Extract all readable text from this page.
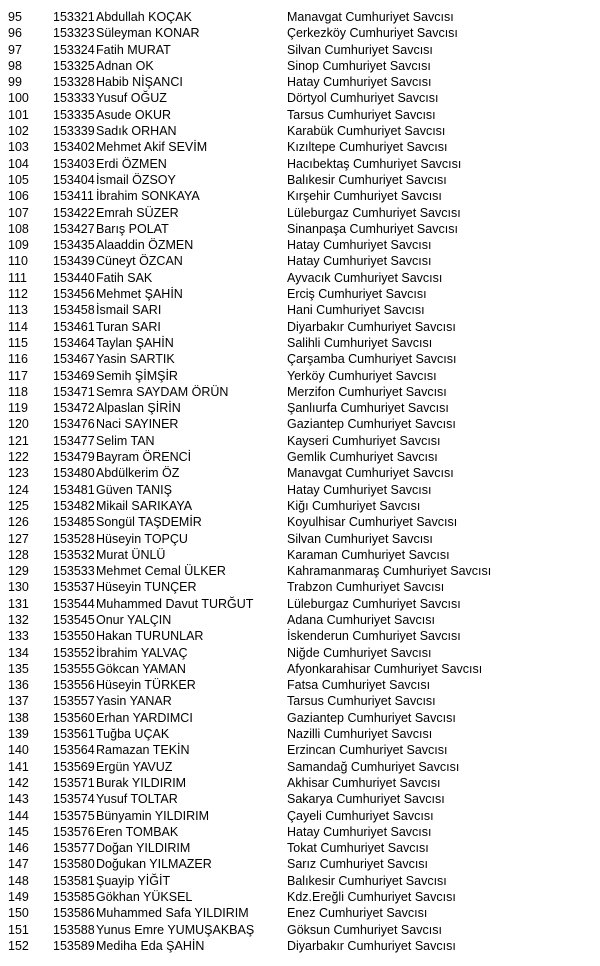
95 153321 Abdullah KOÇAK	Manavgat Cumhuriyet Savcısı
96 153323 Süleyman KONAR	Çerkezköy Cumhuriyet Savcısı
97 153324 Fatih MURAT	Silvan Cumhuriyet Savcısı
98 153325 Adnan OK	Sinop Cumhuriyet Savcısı
99 153328 Habib NİŞANCI	Hatay Cumhuriyet Savcısı
100 153333 Yusuf OĞUZ	Dörtyol Cumhuriyet Savcısı
101 153335 Asude OKUR	Tarsus Cumhuriyet Savcısı
102 153339 Sadık ORHAN	Karabük Cumhuriyet Savcısı
103 153402 Mehmet Akif SEVİM	Kızıltepe Cumhuriyet Savcısı
104 153403 Erdi ÖZMEN	Hacıbektaş Cumhuriyet Savcısı
105 153404 İsmail ÖZSOY	Balıkesir Cumhuriyet Savcısı
106 153411 İbrahim SONKAYA	Kırşehir Cumhuriyet Savcısı
107 153422 Emrah SÜZER	Lüleburgaz Cumhuriyet Savcısı
108 153427 Barış POLAT	Sinanpaşa Cumhuriyet Savcısı
109 153435 Alaaddin ÖZMEN	Hatay Cumhuriyet Savcısı
110 153439 Cüneyt ÖZCAN	Hatay Cumhuriyet Savcısı
111 153440 Fatih SAK	Ayvacık Cumhuriyet Savcısı
112 153456 Mehmet ŞAHİN	Erciş Cumhuriyet Savcısı
113 153458 İsmail SARI	Hani Cumhuriyet Savcısı
114 153461 Turan SARI	Diyarbakır Cumhuriyet Savcısı
115 153464 Taylan ŞAHİN	Salihli Cumhuriyet Savcısı
116 153467 Yasin SARTIK	Çarşamba Cumhuriyet Savcısı
117 153469 Semih ŞİMŞİR	Yerköy Cumhuriyet Savcısı
118 153471 Semra SAYDAM ÖRÜN	Merzifon Cumhuriyet Savcısı
119 153472 Alpaslan ŞİRİN	Şanlıurfa Cumhuriyet Savcısı
120 153476 Naci SAYINER	Gaziantep Cumhuriyet Savcısı
121 153477 Selim TAN	Kayseri Cumhuriyet Savcısı
122 153479 Bayram ÖRENCİ	Gemlik Cumhuriyet Savcısı
123 153480 Abdülkerim ÖZ	Manavgat Cumhuriyet Savcısı
124 153481 Güven TANIŞ	Hatay Cumhuriyet Savcısı
125 153482 Mikail SARIKAYA	Kiğı Cumhuriyet Savcısı
126 153485 Songül TAŞDEMİR	Koyulhisar Cumhuriyet Savcısı
127 153528 Hüseyin TOPÇU	Silvan Cumhuriyet Savcısı
128 153532 Murat ÜNLÜ	Karaman Cumhuriyet Savcısı
129 153533 Mehmet Cemal ÜLKER	Kahramanmaraş Cumhuriyet Savcısı
130 153537 Hüseyin TUNÇER	Trabzon Cumhuriyet Savcısı
131 153544 Muhammed Davut TURĞUT	Lüleburgaz Cumhuriyet Savcısı
132 153545 Onur YALÇIN	Adana Cumhuriyet Savcısı
133 153550 Hakan TURUNLAR	İskenderun Cumhuriyet Savcısı
134 153552 İbrahim YALVAÇ	Niğde Cumhuriyet Savcısı
135 153555 Gökcan YAMAN	Afyonkarahisar Cumhuriyet Savcısı
136 153556 Hüseyin TÜRKER	Fatsa Cumhuriyet Savcısı
137 153557 Yasin YANAR	Tarsus Cumhuriyet Savcısı
138 153560 Erhan YARDIMCI	Gaziantep Cumhuriyet Savcısı
139 153561 Tuğba UÇAK	Nazilli Cumhuriyet Savcısı
140 153564 Ramazan TEKİN	Erzincan Cumhuriyet Savcısı
141 153569 Ergün YAVUZ	Samandağ Cumhuriyet Savcısı
142 153571 Burak YILDIRIM	Akhisar Cumhuriyet Savcısı
143 153574 Yusuf TOLTAR	Sakarya Cumhuriyet Savcısı
144 153575 Bünyamin YILDIRIM	Çayeli Cumhuriyet Savcısı
145 153576 Eren TOMBAK	Hatay Cumhuriyet Savcısı
146 153577 Doğan YILDIRIM	Tokat Cumhuriyet Savcısı
147 153580 Doğukan YILMAZER	Sarız Cumhuriyet Savcısı
148 153581 Şuayip YİĞİT	Balıkesir Cumhuriyet Savcısı
149 153585 Gökhan YÜKSEL	Kdz.Ereğli Cumhuriyet Savcısı
150 153586 Muhammed Safa YILDIRIM	Enez Cumhuriyet Savcısı
151 153588 Yunus Emre YUMUŞAKBAŞ	Göksun Cumhuriyet Savcısı
152 153589 Mediha Eda ŞAHİN	Diyarbakır Cumhuriyet Savcısı
